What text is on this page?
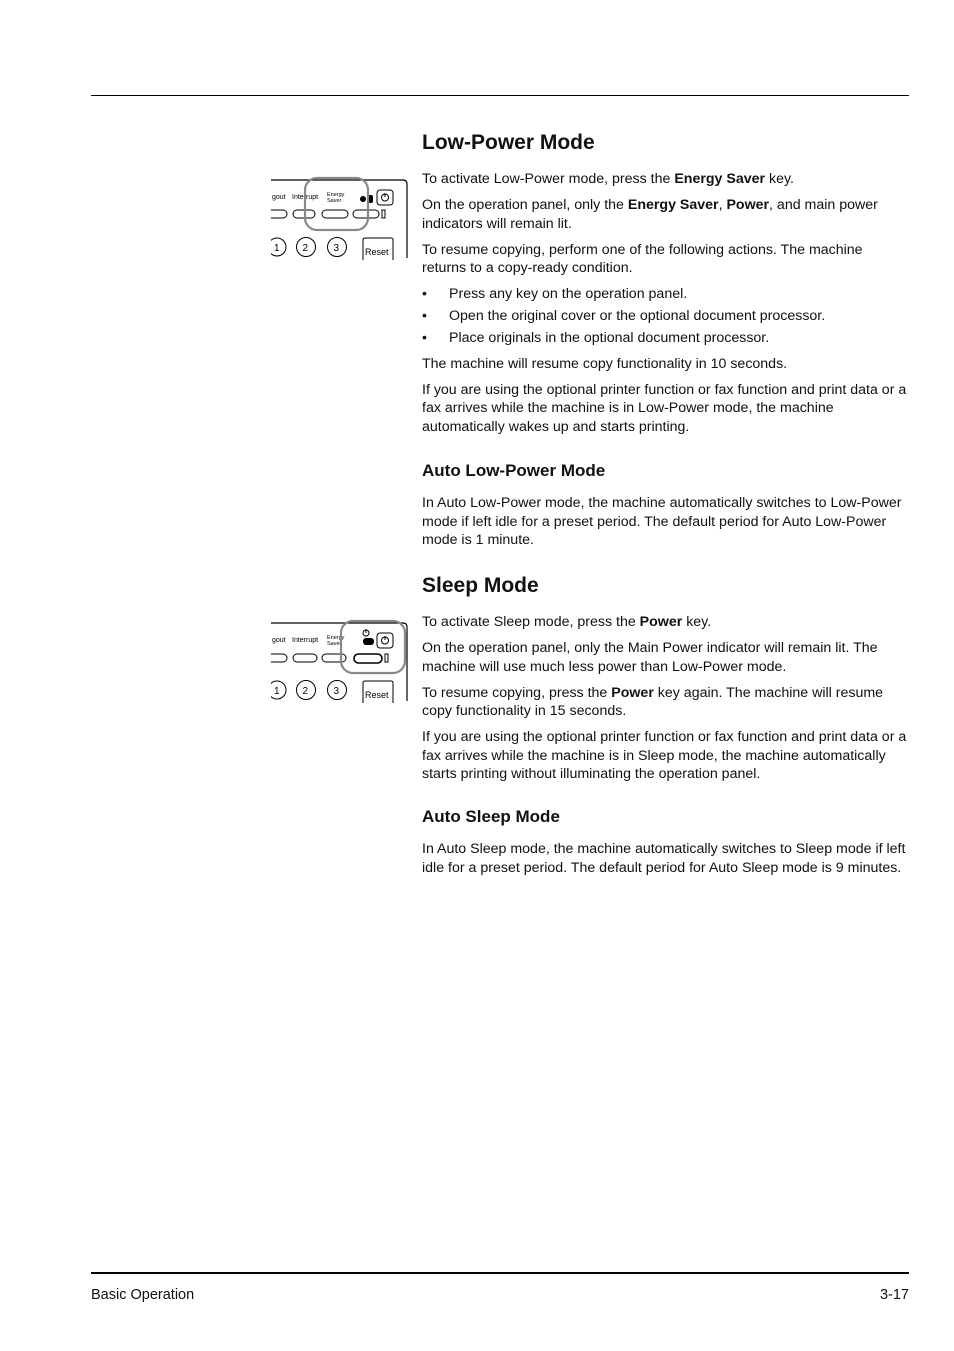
gout Interrupt Energy
Saver
1 2	3	Reset
gout Interrupt Energy
Saver
1 2	3	Reset
Low-Power Mode

To activate Low-Power mode, press the Energy Saver key.

On the operation panel, only the Energy Saver, Power, and main power indicators will remain lit.

To resume copying, perform one of the following actions. The machine returns to a copy-ready condition.

• Press any key on the operation panel.
• Open the original cover or the optional document processor.
• Place originals in the optional document processor.

The machine will resume copy functionality in 10 seconds.

If you are using the optional printer function or fax function and print data or a fax arrives while the machine is in Low-Power mode, the machine automatically wakes up and starts printing.

Auto Low-Power Mode

In Auto Low-Power mode, the machine automatically switches to Low-Power mode if left idle for a preset period. The default period for Auto Low-Power mode is 1 minute.

Sleep Mode

To activate Sleep mode, press the Power key.

On the operation panel, only the Main Power indicator will remain lit. The machine will use much less power than Low-Power mode.

To resume copying, press the Power key again. The machine will resume copy functionality in 15 seconds.

If you are using the optional printer function or fax function and print data or a fax arrives while the machine is in Sleep mode, the machine automatically starts printing without illuminating the operation panel.

Auto Sleep Mode

In Auto Sleep mode, the machine automatically switches to Sleep mode if left idle for a preset period. The default period for Auto Sleep mode is 9 minutes.

Basic Operation	3-17
